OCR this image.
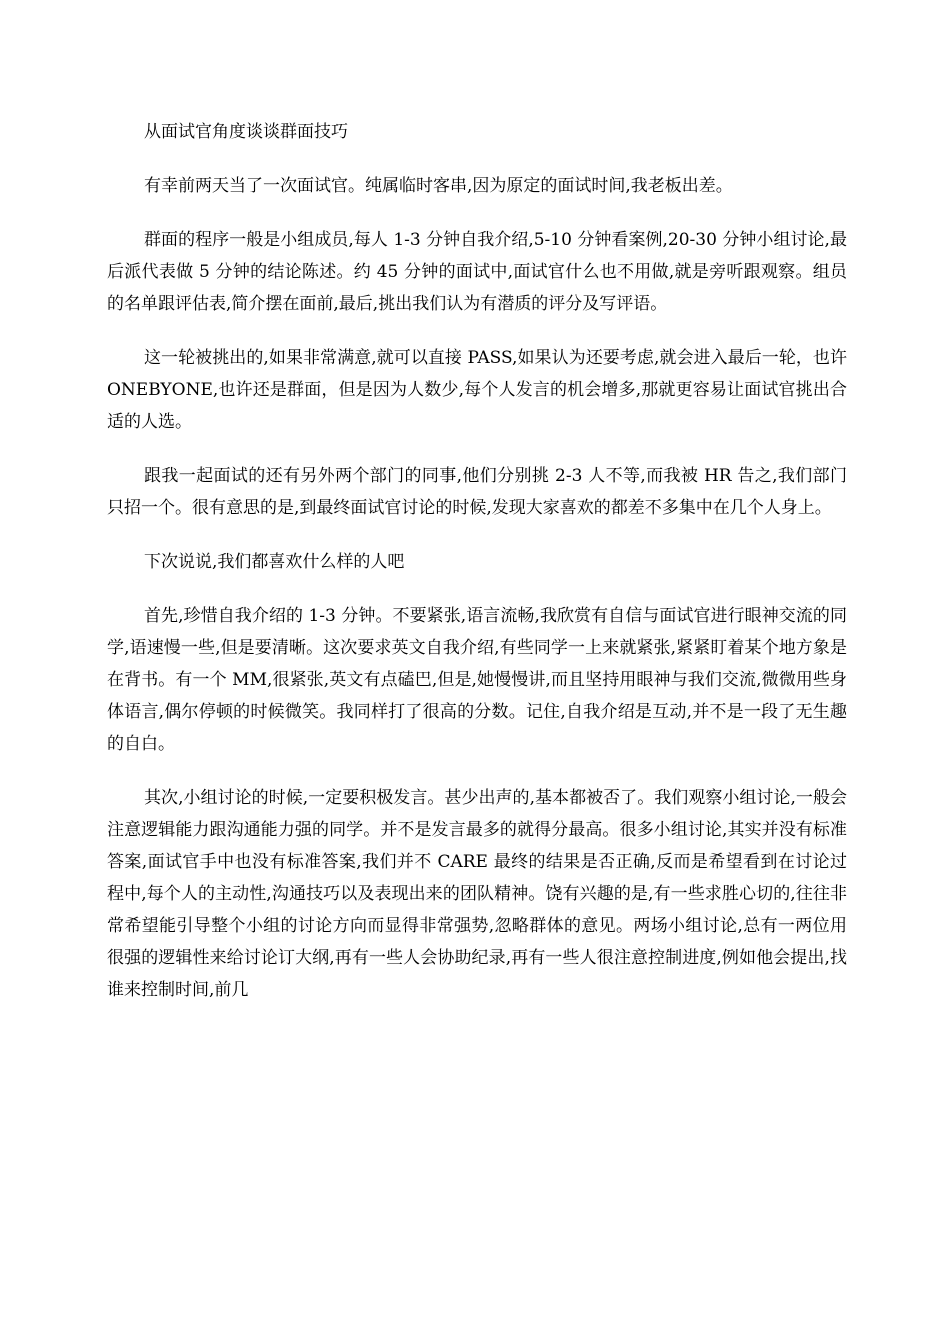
从面试官角度谈谈群面技巧

有幸前两天当了一次面试官。纯属临时客串,因为原定的面试时间,我老板出差。

群面的程序一般是小组成员,每人 1-3 分钟自我介绍,5-10 分钟看案例,20-30 分钟小组讨论,最后派代表做 5 分钟的结论陈述。约 45 分钟的面试中,面试官什么也不用做,就是旁听跟观察。组员的名单跟评估表,简介摆在面前,最后,挑出我们认为有潜质的评分及写评语。

这一轮被挑出的,如果非常满意,就可以直接 PASS,如果认为还要考虑,就会进入最后一轮，也许 ONEBYONE,也许还是群面，但是因为人数少,每个人发言的机会增多,那就更容易让面试官挑出合适的人选。

跟我一起面试的还有另外两个部门的同事,他们分别挑 2-3 人不等,而我被 HR 告之,我们部门只招一个。很有意思的是,到最终面试官讨论的时候,发现大家喜欢的都差不多集中在几个人身上。

下次说说,我们都喜欢什么样的人吧

首先,珍惜自我介绍的 1-3 分钟。不要紧张,语言流畅,我欣赏有自信与面试官进行眼神交流的同学,语速慢一些,但是要清晰。这次要求英文自我介绍,有些同学一上来就紧张,紧紧盯着某个地方象是在背书。有一个 MM,很紧张,英文有点磕巴,但是,她慢慢讲,而且坚持用眼神与我们交流,微微用些身体语言,偶尔停顿的时候微笑。我同样打了很高的分数。记住,自我介绍是互动,并不是一段了无生趣的自白。

其次,小组讨论的时候,一定要积极发言。甚少出声的,基本都被否了。我们观察小组讨论,一般会注意逻辑能力跟沟通能力强的同学。并不是发言最多的就得分最高。很多小组讨论,其实并没有标准答案,面试官手中也没有标准答案,我们并不 CARE 最终的结果是否正确,反而是希望看到在讨论过程中,每个人的主动性,沟通技巧以及表现出来的团队精神。饶有兴趣的是,有一些求胜心切的,往往非常希望能引导整个小组的讨论方向而显得非常强势,忽略群体的意见。两场小组讨论,总有一两位用很强的逻辑性来给讨论订大纲,再有一些人会协助纪录,再有一些人很注意控制进度,例如他会提出,找谁来控制时间,前几
